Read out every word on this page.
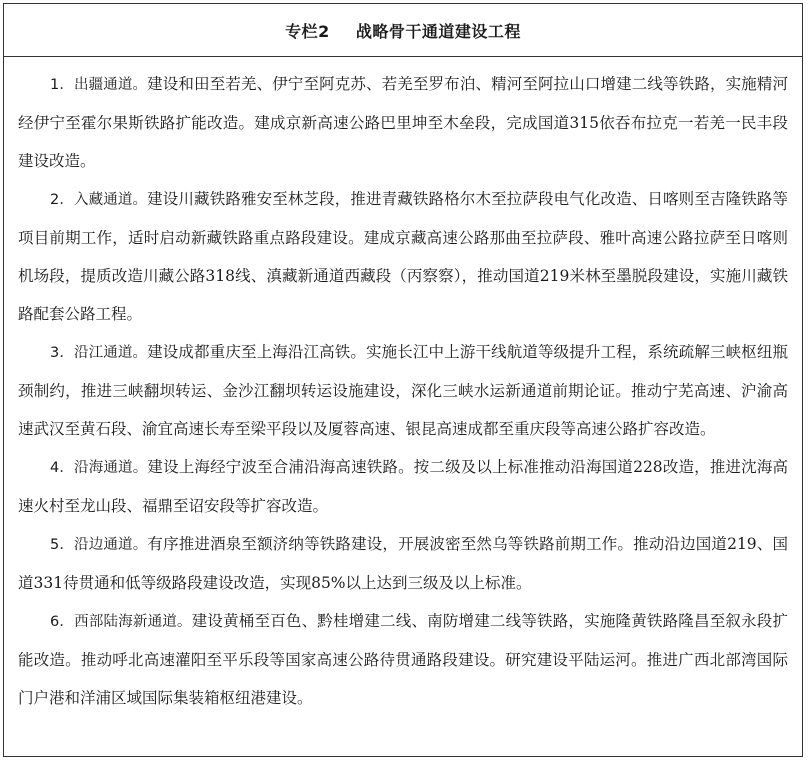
专栏2 战略骨干通道建设工程

1．出疆通道。建设和田至若羌、伊宁至阿克苏、若羌至罗布泊、精河至阿拉山口增建二线等铁路，实施精河经伊宁至霍尔果斯铁路扩能改造。建成京新高速公路巴里坤至木垒段，完成国道315依吞布拉克一若羌一民丰段建设改造。

2．入藏通道。建设川藏铁路雅安至林芝段，推进青藏铁路格尔木至拉萨段电气化改造、日喀则至吉隆铁路等项目前期工作，适时启动新藏铁路重点路段建设。建成京藏高速公路那曲至拉萨段、雅叶高速公路拉萨至日喀则机场段，提质改造川藏公路318线、滇藏新通道西藏段（丙察察），推动国道219米林至墨脱段建设，实施川藏铁路配套公路工程。

3．沿江通道。建设成都重庆至上海沿江高铁。实施长江中上游干线航道等级提升工程，系统疏解三峡枢纽瓶颈制约，推进三峡翻坝转运、金沙江翻坝转运设施建设，深化三峡水运新通道前期论证。推动宁芜高速、沪渝高速武汉至黄石段、渝宜高速长寿至梁平段以及厦蓉高速、银昆高速成都至重庆段等高速公路扩容改造。

4．沿海通道。建设上海经宁波至合浦沿海高速铁路。按二级及以上标准推动沿海国道228改造，推进沈海高速火村至龙山段、福鼎至诏安段等扩容改造。

5．沿边通道。有序推进酒泉至额济纳等铁路建设，开展波密至然乌等铁路前期工作。推动沿边国道219、国道331待贯通和低等级路段建设改造，实现85%以上达到三级及以上标准。

6．西部陆海新通道。建设黄桶至百色、黔桂增建二线、南防增建二线等铁路，实施隆黄铁路隆昌至叙永段扩能改造。推动呼北高速灌阳至平乐段等国家高速公路待贯通路段建设。研究建设平陆运河。推进广西北部湾国际门户港和洋浦区域国际集装箱枢纽港建设。
